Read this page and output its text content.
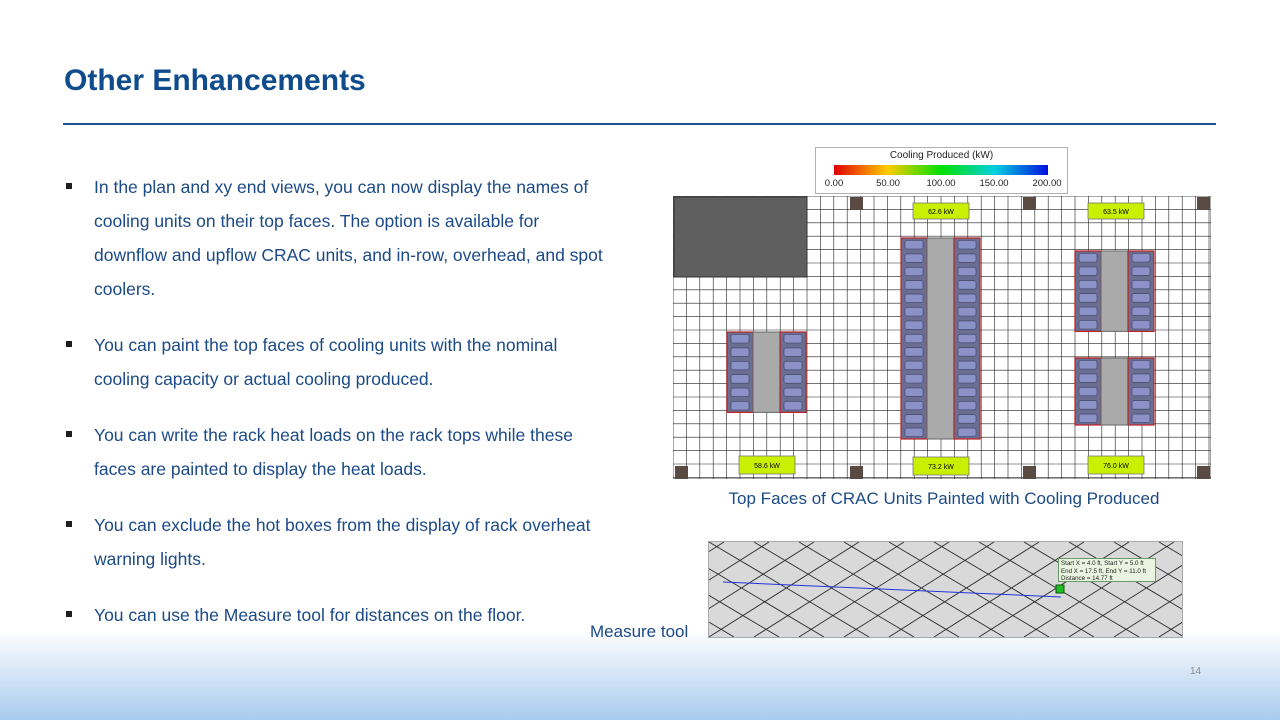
Other Enhancements
In the plan and xy end views, you can now display the names of cooling units on their top faces. The option is available for downflow and upflow CRAC units, and in-row, overhead, and spot coolers.
You can paint the top faces of cooling units with the nominal cooling capacity or actual cooling produced.
You can write the rack heat loads on the rack tops while these faces are painted to display the heat loads.
You can exclude the hot boxes from the display of rack overheat warning lights.
You can use the Measure tool for distances on the floor.
Cooling Produced (kW)
0.00	50.00	100.00	150.00	200.00
62.6 kW	63.5 kW
58.6 kW	73.2 kW	76.0 kW
Top Faces of CRAC Units Painted with Cooling Produced
Start X = 4.0 ft, Start Y = 5.0 ft
End X = 17.5 ft, End Y = 11.0 ft
Distance = 14.77 ft
Measure tool
14
